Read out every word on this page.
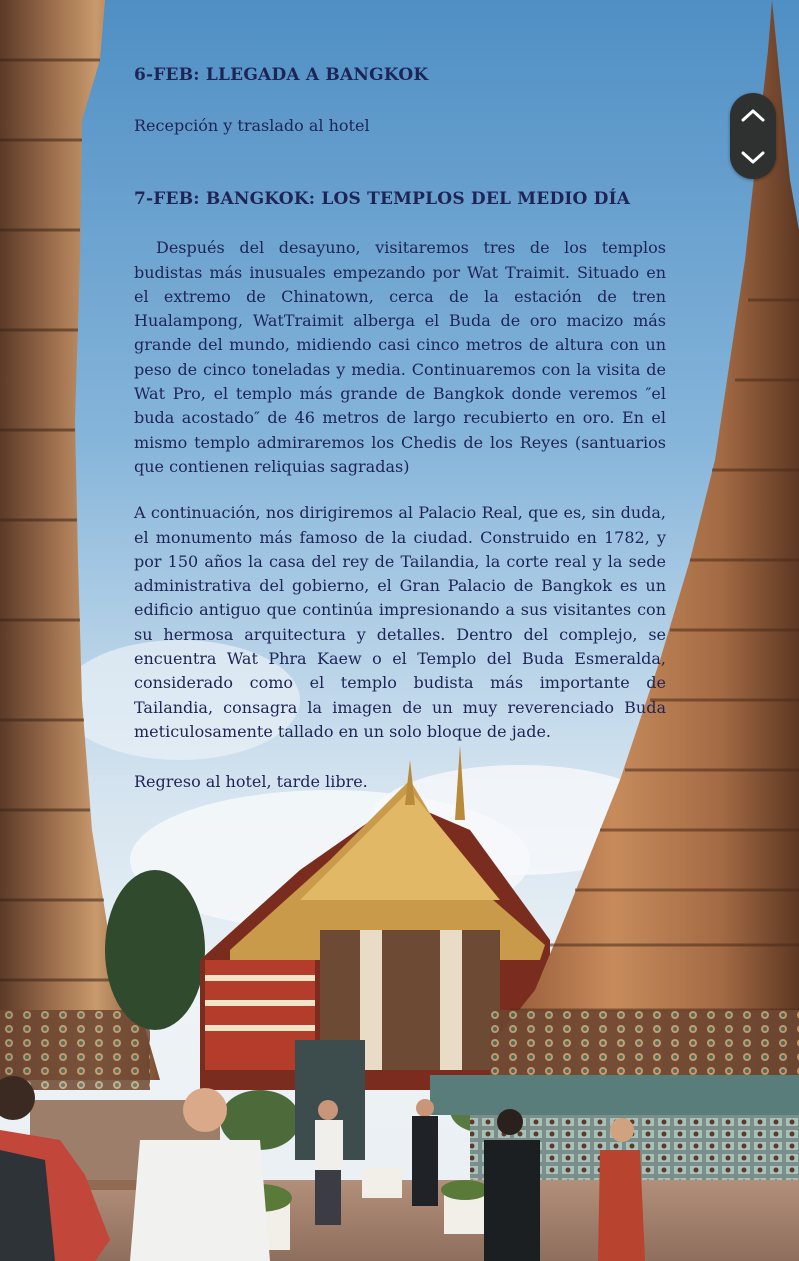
6-FEB: LLEGADA A BANGKOK

Recepción y traslado al hotel

7-FEB: BANGKOK: LOS TEMPLOS DEL MEDIO DÍA

Después del desayuno, visitaremos tres de los templos budistas más inusuales empezando por Wat Traimit. Situado en el extremo de Chinatown, cerca de la estación de tren Hualampong, WatTraimit alberga el Buda de oro macizo más grande del mundo, midiendo casi cinco metros de altura con un peso de cinco toneladas y media. Continuaremos con la visita de Wat Pro, el templo más grande de Bangkok donde veremos ″el buda acostado″ de 46 metros de largo recubierto en oro. En el mismo templo admiraremos los Chedis de los Reyes (santuarios que contienen reliquias sagradas)

A continuación, nos dirigiremos al Palacio Real, que es, sin duda, el monumento más famoso de la ciudad. Construido en 1782, y por 150 años la casa del rey de Tailandia, la corte real y la sede administrativa del gobierno, el Gran Palacio de Bangkok es un edificio antiguo que continúa impresionando a sus visitantes con su hermosa arquitectura y detalles. Dentro del complejo, se encuentra Wat Phra Kaew o el Templo del Buda Esmeralda, considerado como el templo budista más importante de Tailandia, consagra la imagen de un muy reverenciado Buda meticulosamente tallado en un solo bloque de jade.

Regreso al hotel, tarde libre.
